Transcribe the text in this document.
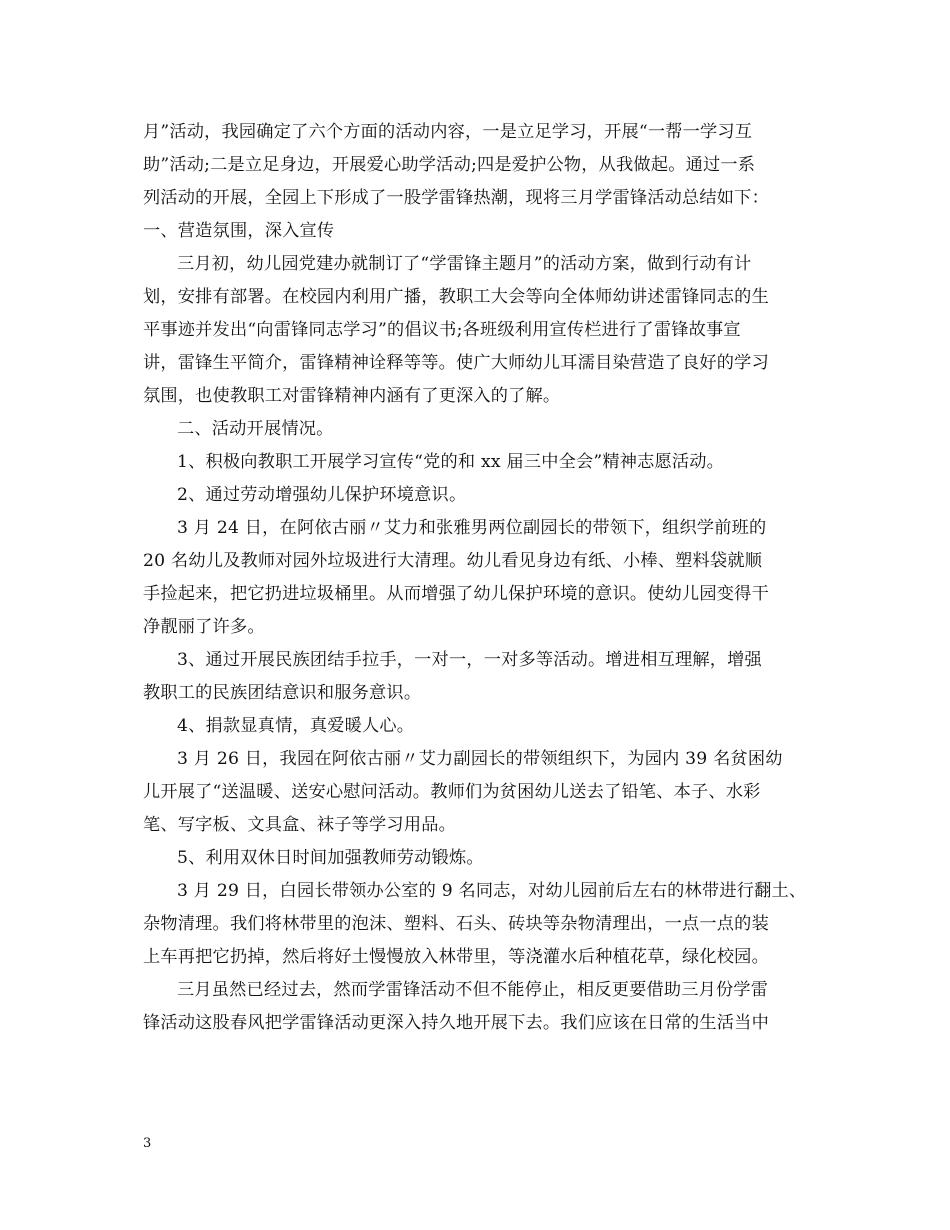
月”活动，我园确定了六个方面的活动内容，一是立足学习，开展“一帮一学习互
助”活动;二是立足身边，开展爱心助学活动;四是爱护公物，从我做起。通过一系
列活动的开展，全园上下形成了一股学雷锋热潮，现将三月学雷锋活动总结如下：
一、营造氛围，深入宣传
三月初，幼儿园党建办就制订了“学雷锋主题月”的活动方案，做到行动有计
划，安排有部署。在校园内利用广播，教职工大会等向全体师幼讲述雷锋同志的生
平事迹并发出“向雷锋同志学习”的倡议书;各班级利用宣传栏进行了雷锋故事宣
讲，雷锋生平简介，雷锋精神诠释等等。使广大师幼儿耳濡目染营造了良好的学习
氛围，也使教职工对雷锋精神内涵有了更深入的了解。
二、活动开展情况。
1、积极向教职工开展学习宣传“党的和 xx 届三中全会”精神志愿活动。
2、通过劳动增强幼儿保护环境意识。
3 月 24 日，在阿依古丽〃艾力和张雅男两位副园长的带领下，组织学前班的
20 名幼儿及教师对园外垃圾进行大清理。幼儿看见身边有纸、小棒、塑料袋就顺
手捡起来，把它扔进垃圾桶里。从而增强了幼儿保护环境的意识。使幼儿园变得干
净靓丽了许多。
3、通过开展民族团结手拉手，一对一，一对多等活动。增进相互理解，增强
教职工的民族团结意识和服务意识。
4、捐款显真情，真爱暖人心。
3 月 26 日，我园在阿依古丽〃艾力副园长的带领组织下，为园内 39 名贫困幼
儿开展了“送温暖、送安心慰问活动。教师们为贫困幼儿送去了铅笔、本子、水彩
笔、写字板、文具盒、袜子等学习用品。
5、利用双休日时间加强教师劳动锻炼。
3 月 29 日，白园长带领办公室的 9 名同志，对幼儿园前后左右的林带进行翻土、
杂物清理。我们将林带里的泡沫、塑料、石头、砖块等杂物清理出，一点一点的装
上车再把它扔掉，然后将好土慢慢放入林带里，等浇灌水后种植花草，绿化校园。
三月虽然已经过去，然而学雷锋活动不但不能停止，相反更要借助三月份学雷
锋活动这股春风把学雷锋活动更深入持久地开展下去。我们应该在日常的生活当中
3
